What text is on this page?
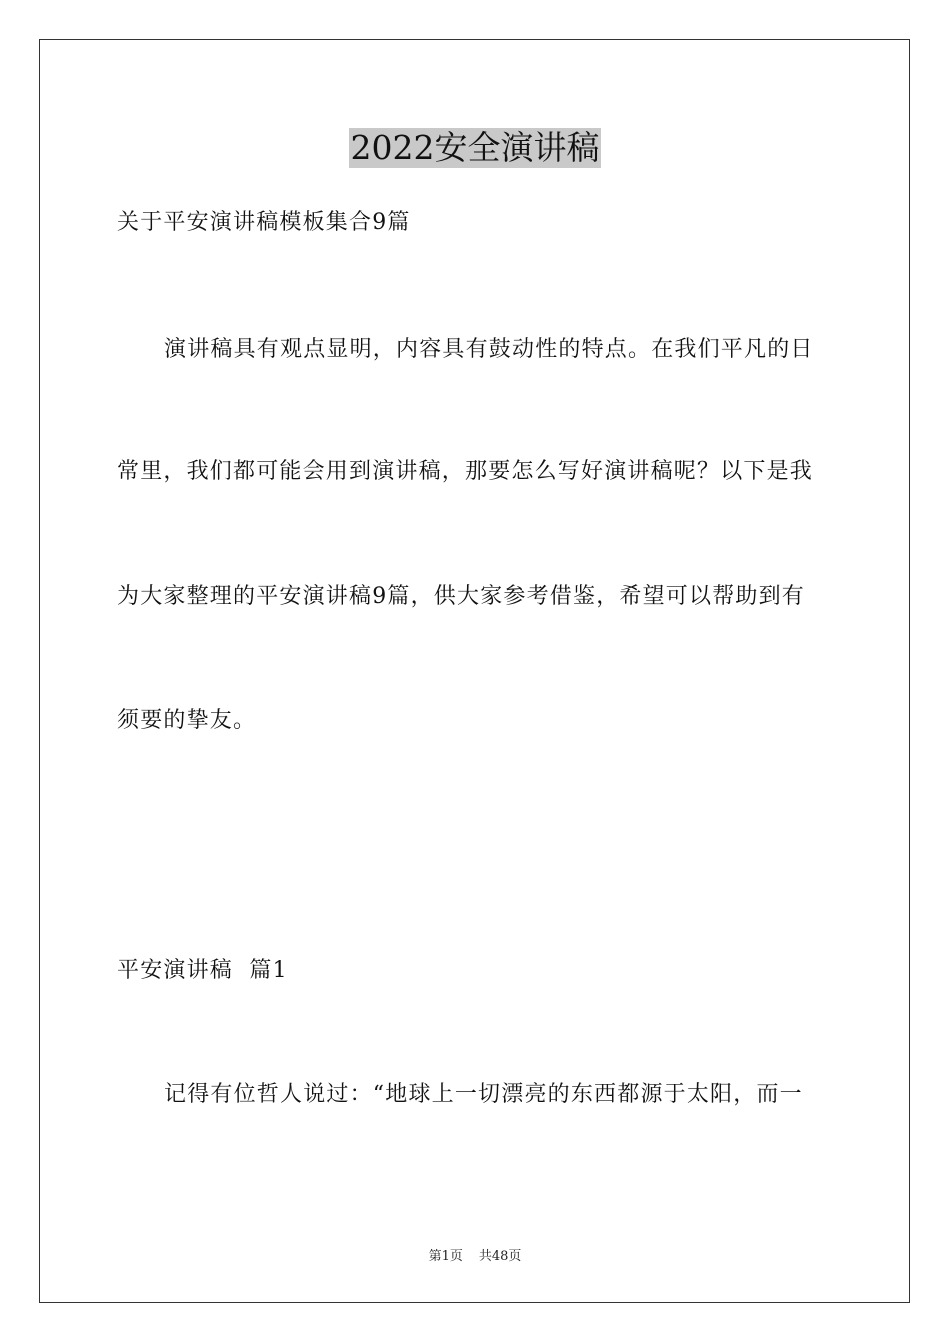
2022安全演讲稿
关于平安演讲稿模板集合9篇
演讲稿具有观点显明，内容具有鼓动性的特点。在我们平凡的日
常里，我们都可能会用到演讲稿，那要怎么写好演讲稿呢？以下是我
为大家整理的平安演讲稿9篇，供大家参考借鉴，希望可以帮助到有
须要的挚友。
平安演讲稿  篇1
记得有位哲人说过：“地球上一切漂亮的东西都源于太阳，而一
第1页 共48页
